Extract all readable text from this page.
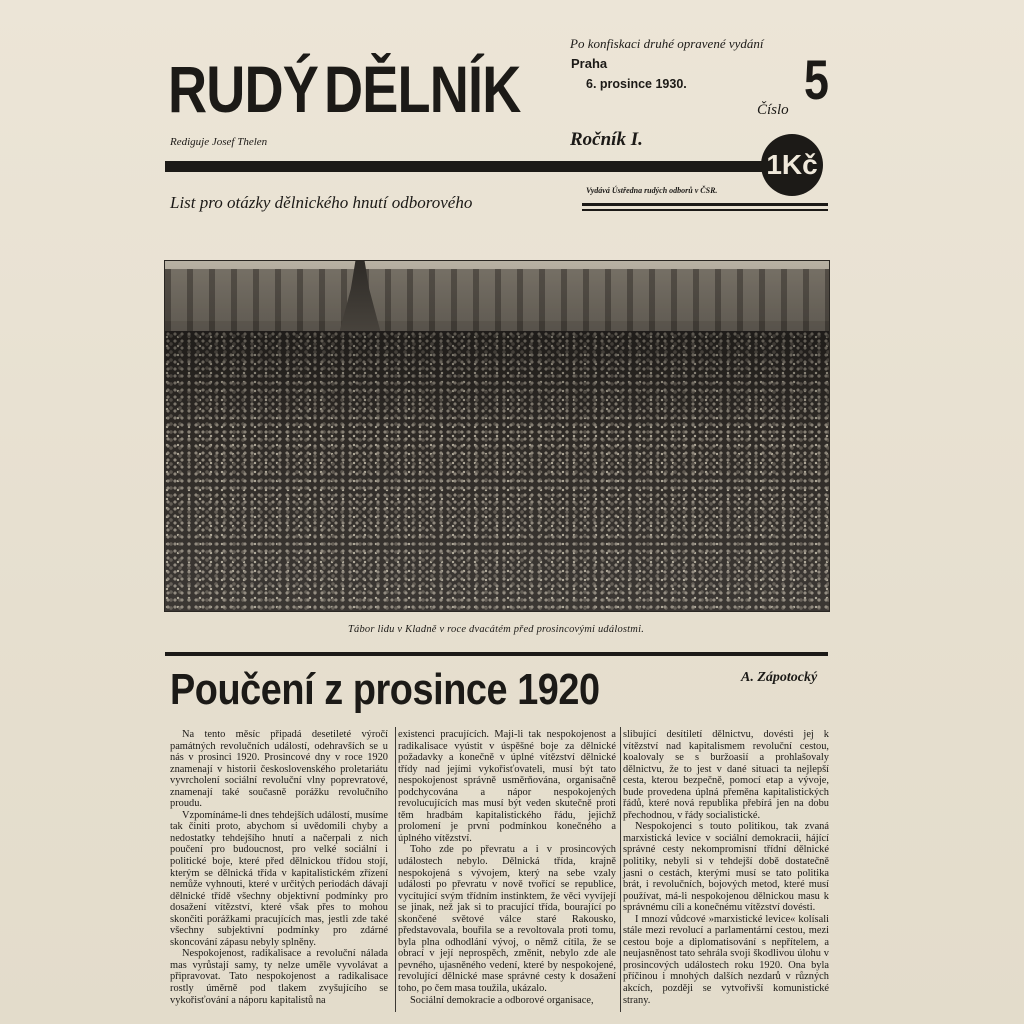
RUDÝ DĚLNÍK
Rediguje Josef Thelen
Po konfiskaci druhé opravené vydání
Praha
6. prosince 1930.
Číslo 5
Ročník I.
1Kč
List pro otázky dělnického hnutí odborového
Vydává Ústředna rudých odborů v ČSR.
Tábor lidu v Kladně v roce dvacátém před prosincovými událostmi.
Poučení z prosince 1920	A. Zápotocký

Na tento měsíc připadá desetileté výročí památných revolučních událostí, odehravších se u nás v prosinci 1920. Prosincové dny v roce 1920 znamenají v historii československého proletariátu vyvrcholení sociální revoluční vlny poprevratové, znamenají také současně porážku revolučního proudu.

Vzpomínáme-li dnes tehdejších událostí, musíme tak činiti proto, abychom si uvědomili chyby a nedostatky tehdejšího hnutí a načerpali z nich poučení pro budoucnost, pro velké sociální i politické boje, které před dělnickou třídou stojí, kterým se dělnická třída v kapitalistickém zřízení nemůže vyhnouti, které v určitých periodách dávají dělnické třídě všechny objektivní podmínky pro dosažení vítězství, které však přes to mohou skončiti porážkami pracujících mas, jestli zde také všechny subjektivní podmínky pro zdárné skoncování zápasu nebyly splněny.

Nespokojenost, radikalisace a revoluční nálada mas vyrůstají samy, ty nelze uměle vyvolávat a připravovat. Tato nespokojenost a radikalisace rostly úměrně pod tlakem zvyšujícího se vykořisťování a náporu kapitalistů na

existenci pracujících. Maji-li tak nespokojenost a radikalisace vyústit v úspěšné boje za dělnické požadavky a konečně v úplné vítězství dělnické třídy nad jejími vykořisťovateli, musí být tato nespokojenost správně usměrňována, organisačně podchycována a nápor nespokojených revolucujících mas musí být veden skutečně proti těm hradbám kapitalistického řádu, jejichž prolomení je první podmínkou konečného a úplného vítězství.

Toho zde po převratu a i v prosincových událostech nebylo. Dělnická třída, krajně nespokojená s vývojem, který na sebe vzaly události po převratu v nově tvořící se republice, vycítující svým třídním instinktem, že věci vyvíjejí se jinak, než jak si to pracující třída, bourající po skončené světové válce staré Rakousko, představovala, bouřila se a revoltovala proti tomu, byla plna odhodlání vývoj, o němž cítila, že se obrací v její neprospěch, změnit, nebylo zde ale pevného, ujasněného vedení, které by nespokojené, revolující dělnické mase správné cesty k dosažení toho, po čem masa toužila, ukázalo.

Sociální demokracie a odborové organisace,

slibující desítiletí dělnictvu, dovésti jej k vítězství nad kapitalismem revoluční cestou, koalovaly se s buržoasií a prohlašovaly dělnictvu, že to jest v dané situaci ta nejlepší cesta, kterou bezpečně, pomocí etap a vývoje, bude provedena úplná přeměna kapitalistických řádů, které nová republika přebírá jen na dobu přechodnou, v řády socialistické.

Nespokojenci s touto politikou, tak zvaná marxistická levice v sociální demokracii, hájící správné cesty nekompromisní třídní dělnické politiky, nebyli si v tehdejší době dostatečně jasni o cestách, kterými musí se tato politika brát, i revolučních, bojových metod, které musí používat, má-li nespokojenou dělnickou masu k správnému cíli a konečnému vítězství dovésti.

I mnozí vůdcové »marxistické levice« kolísali stále mezi revolucí a parlamentární cestou, mezi cestou boje a diplomatisování s nepřítelem, a neujasněnost tato sehrála svoji škodlivou úlohu v prosincových událostech roku 1920. Ona byla příčinou i mnohých dalších nezdarů v různých akcích, později se vytvořivší komunistické strany.
